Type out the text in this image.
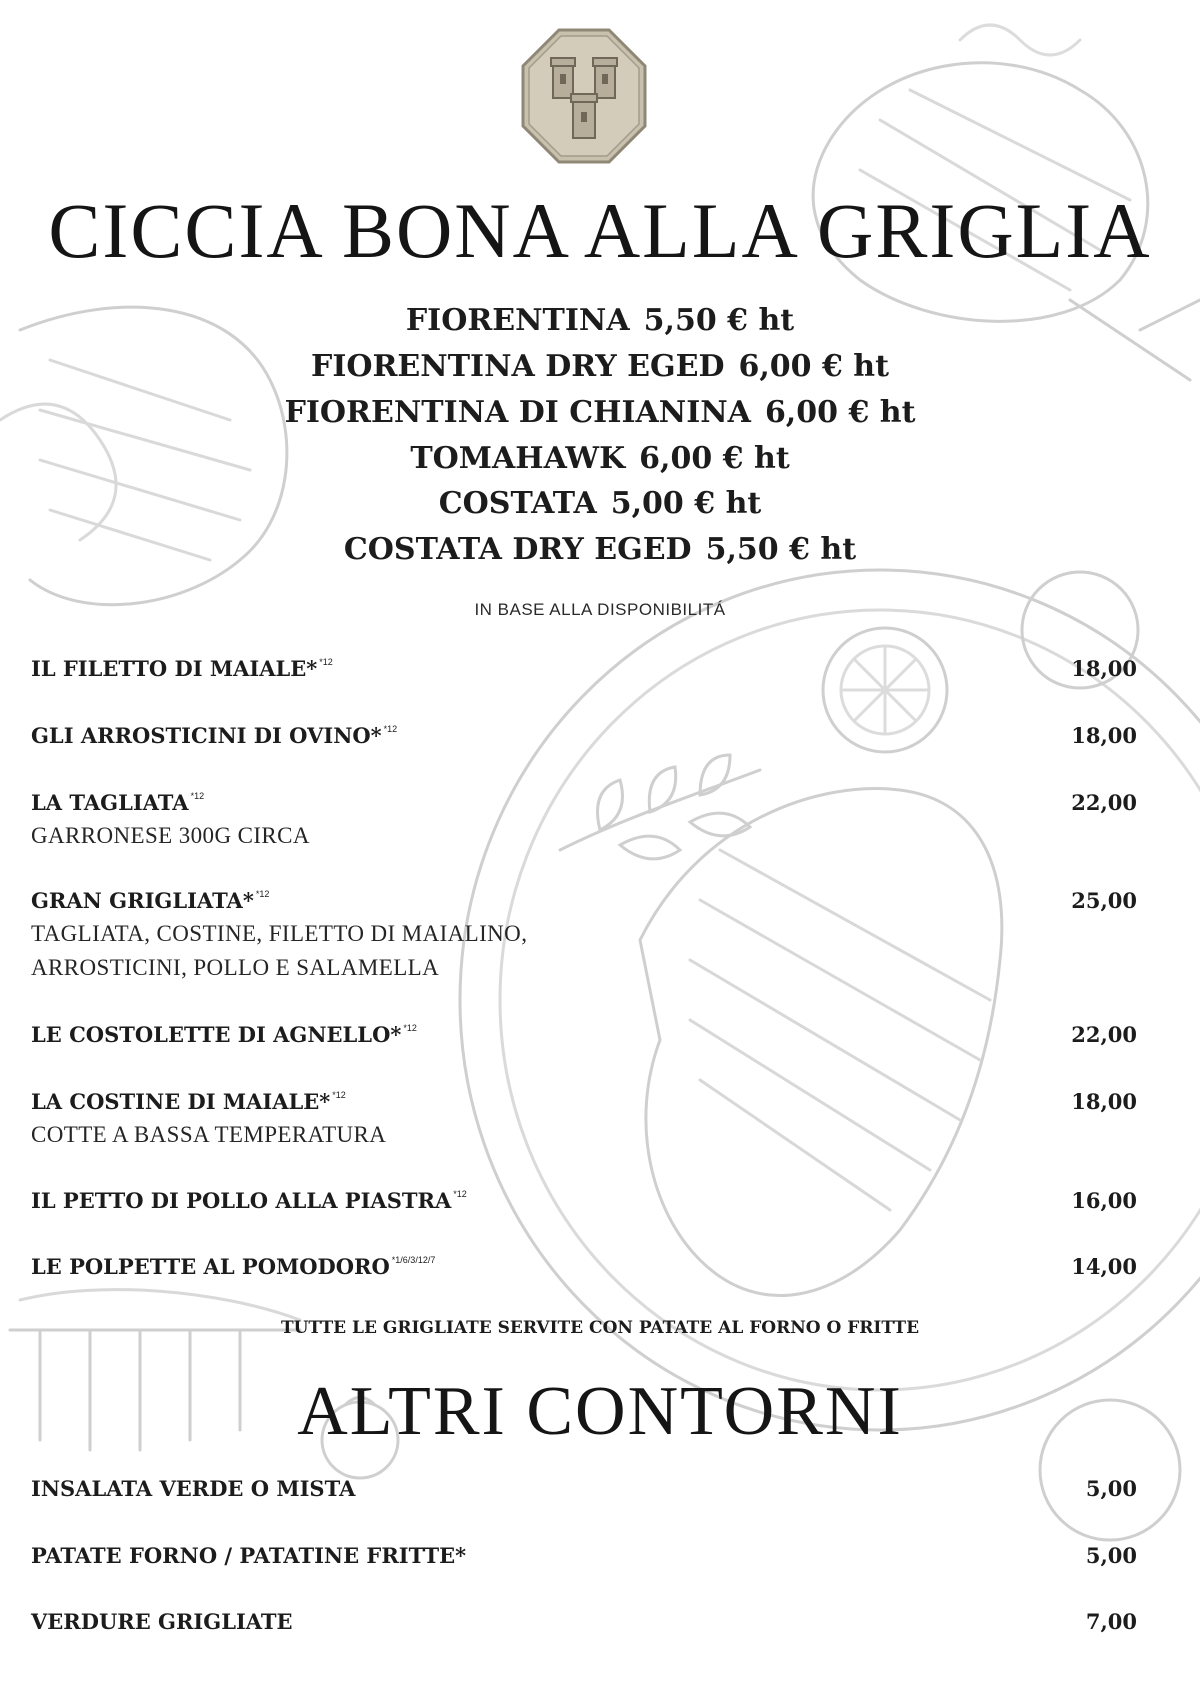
CICCIA BONA ALLA GRIGLIA
FIORENTINA 5,50 € ht
FIORENTINA DRY EGED 6,00 € ht
FIORENTINA DI CHIANINA 6,00 € ht
TOMAHAWK 6,00 € ht
COSTATA 5,00 € ht
COSTATA DRY EGED 5,50 € ht
IN BASE ALLA DISPONIBILITÁ
IL FILETTO DI MAIALE* $^{*12}$	18,00
GLI ARROSTICINI DI OVINO* $^{*12}$	18,00
LA TAGLIATA $^{*12}$	22,00
GARRONESE 300G CIRCA
GRAN GRIGLIATA* $^{*12}$	25,00
TAGLIATA, COSTINE, FILETTO DI MAIALINO,
ARROSTICINI, POLLO E SALAMELLA
LE COSTOLETTE DI AGNELLO* $^{*12}$	22,00
LA COSTINE DI MAIALE* $^{*12}$	18,00
COTTE A BASSA TEMPERATURA
IL PETTO DI POLLO ALLA PIASTRA $^{*12}$	16,00
LE POLPETTE AL POMODORO $^{*1/6/3/12/7}$	14,00
TUTTE LE GRIGLIATE SERVITE CON PATATE AL FORNO O FRITTE
ALTRI CONTORNI
INSALATA VERDE O MISTA	5,00
PATATE FORNO / PATATINE FRITTE*	5,00
VERDURE GRIGLIATE	7,00
